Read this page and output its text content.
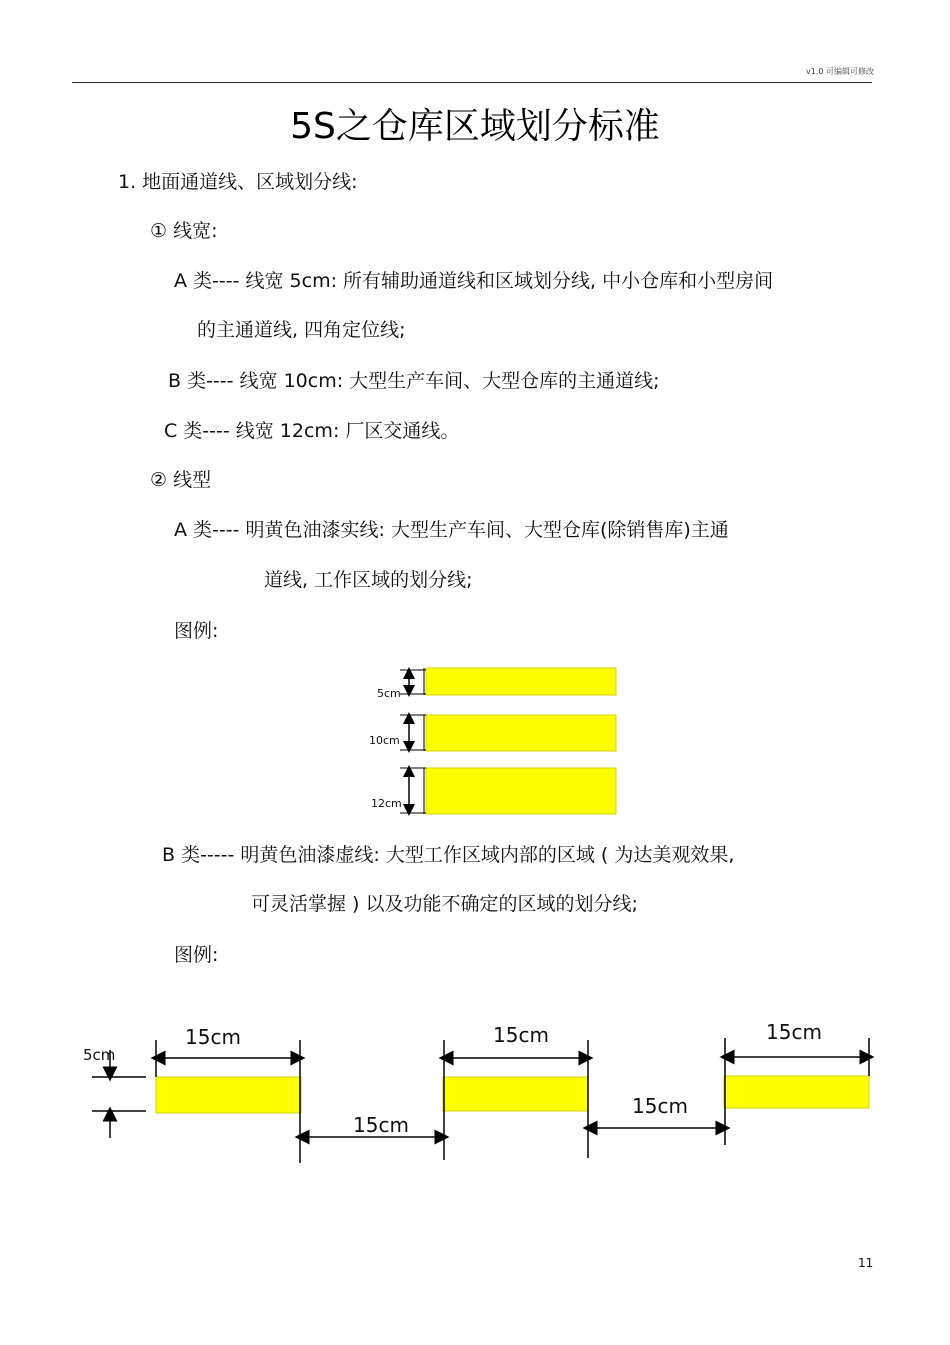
v1.0 可编辑可修改
5S之仓库区域划分标准
1. 地面通道线、区域划分线:
① 线宽:
A 类---- 线宽 5cm: 所有辅助通道线和区域划分线, 中小仓库和小型房间
的主通道线, 四角定位线;
B 类---- 线宽 10cm: 大型生产车间、大型仓库的主通道线;
C 类---- 线宽 12cm: 厂区交通线。
② 线型
A 类---- 明黄色油漆实线: 大型生产车间、大型仓库(除销售库)主通
道线, 工作区域的划分线;
图例:
5cm
10cm
12cm
B 类----- 明黄色油漆虚线: 大型工作区域内部的区域 ( 为达美观效果,
可灵活掌握 ) 以及功能不确定的区域的划分线;
图例:
5cm
15cm	15cm	15cm
15cm
15cm
11
